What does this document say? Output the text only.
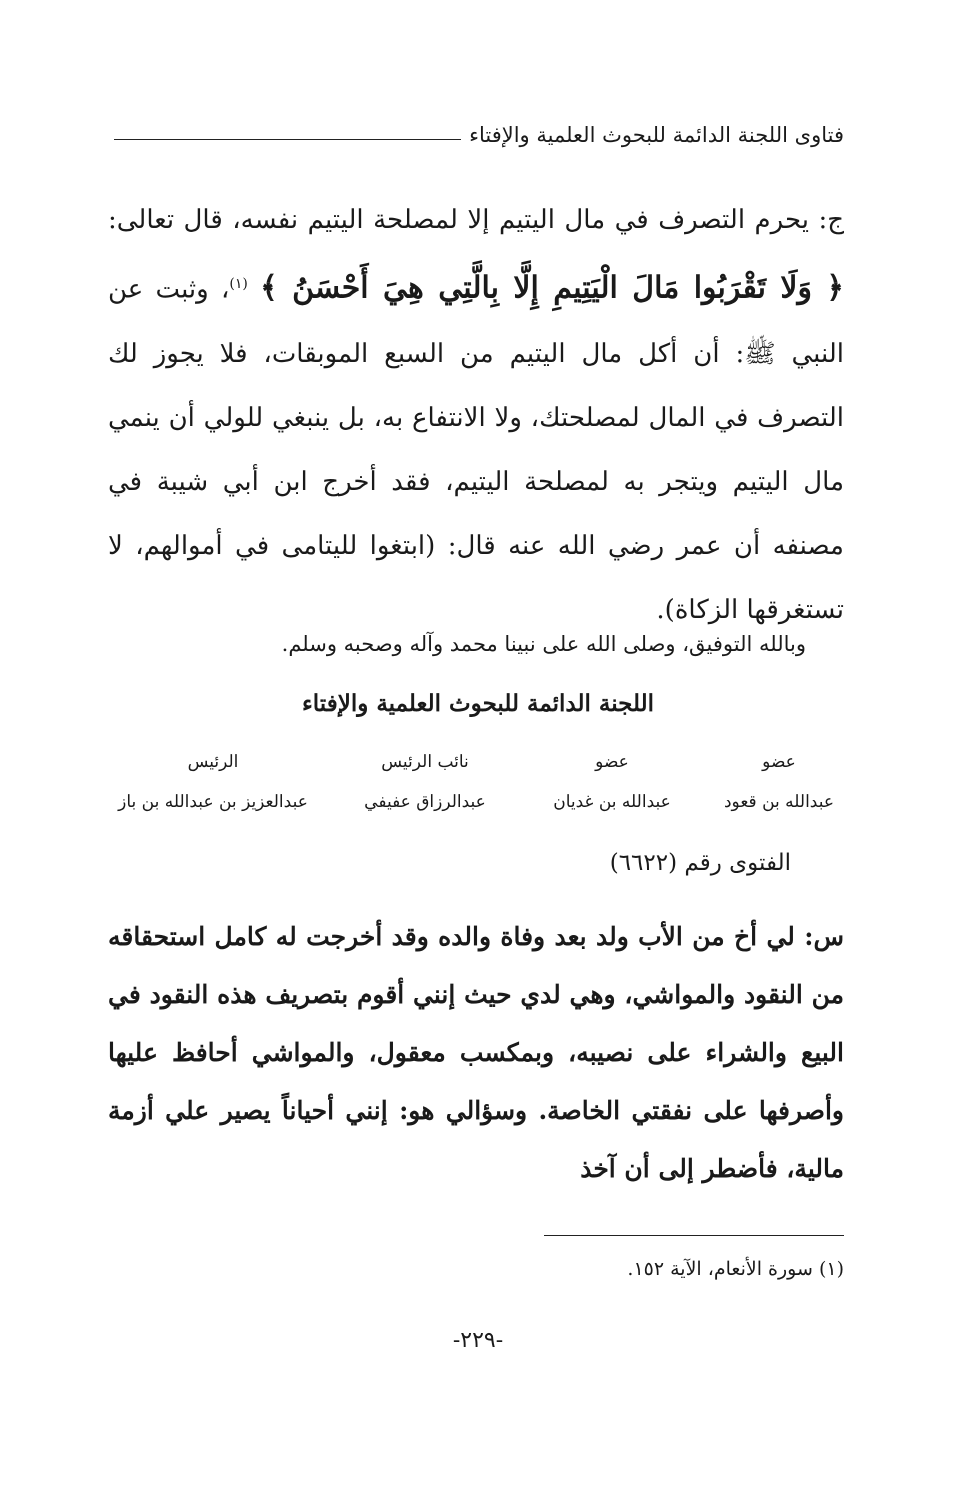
فتاوى اللجنة الدائمة للبحوث العلمية والإفتاء

ج: يحرم التصرف في مال اليتيم إلا لمصلحة اليتيم نفسه، قال تعالى: ﴿ وَلَا تَقْرَبُوا مَالَ الْيَتِيمِ إِلَّا بِالَّتِي هِيَ أَحْسَنُ ﴾ $^{(١)}$، وثبت عن النبي ﷺ: أن أكل مال اليتيم من السبع الموبقات، فلا يجوز لك التصرف في المال لمصلحتك، ولا الانتفاع به، بل ينبغي للولي أن ينمي مال اليتيم ويتجر به لمصلحة اليتيم، فقد أخرج ابن أبي شيبة في مصنفه أن عمر رضي الله عنه قال: (ابتغوا لليتامى في أموالهم، لا تستغرقها الزكاة).

وبالله التوفيق، وصلى الله على نبينا محمد وآله وصحبه وسلم.
اللجنة الدائمة للبحوث العلمية والإفتاء
عضو
عضو
نائب الرئيس
الرئيس
عبدالله بن قعود
عبدالله بن غديان
عبدالرزاق عفيفي
عبدالعزيز بن عبدالله بن باز
الفتوى رقم (٦٦٢٢)

س: لي أخ من الأب ولد بعد وفاة والده وقد أخرجت له كامل استحقاقه من النقود والمواشي، وهي لدي حيث إنني أقوم بتصريف هذه النقود في البيع والشراء على نصيبه، وبمكسب معقول، والمواشي أحافظ عليها وأصرفها على نفقتي الخاصة. وسؤالي هو: إنني أحياناً يصير علي أزمة مالية، فأضطر إلى أن آخذ

(١) سورة الأنعام، الآية ١٥٢.
-٢٢٩-
